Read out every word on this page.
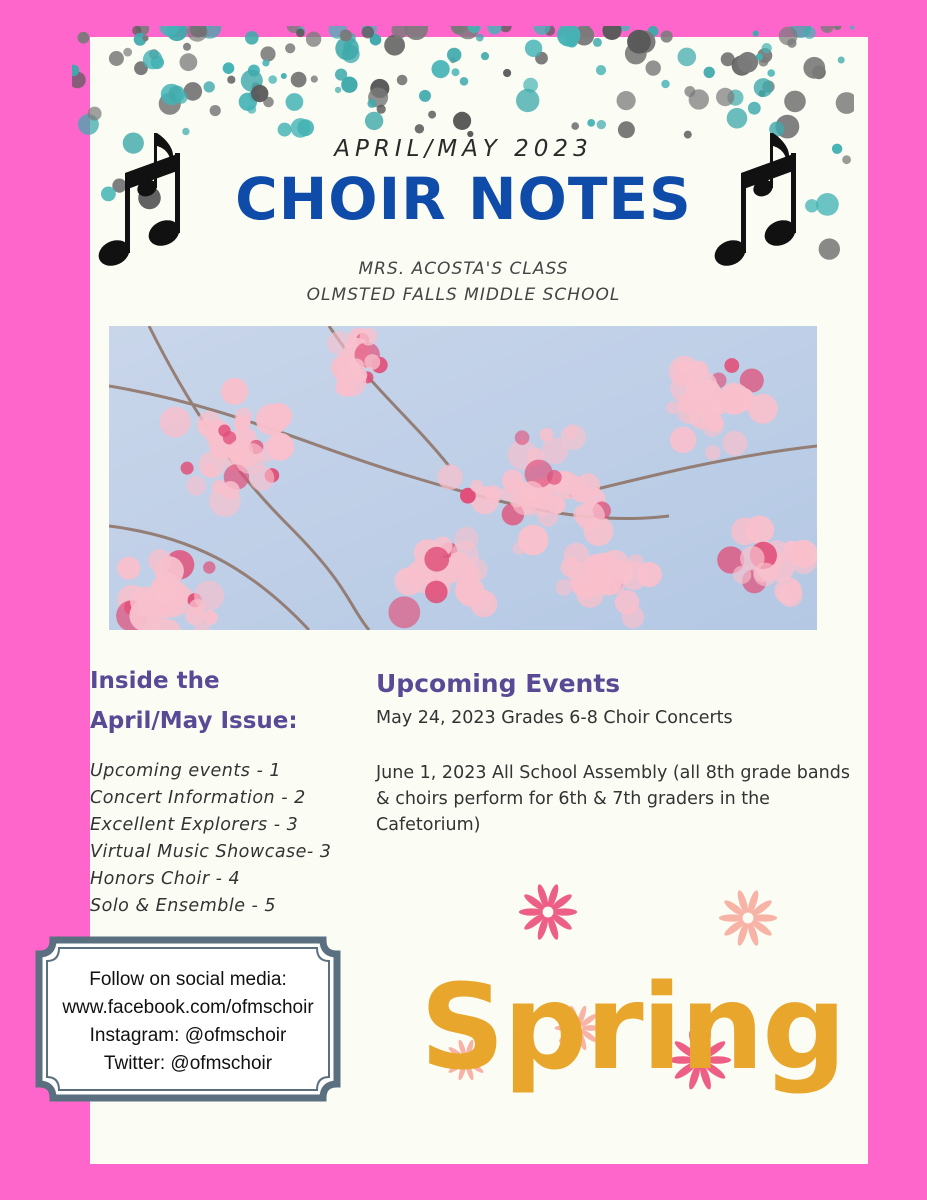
APRIL/MAY 2023
CHOIR NOTES
MRS. ACOSTA'S CLASS
OLMSTED FALLS MIDDLE SCHOOL
Inside the
April/May Issue:
Upcoming events - 1
Concert Information - 2
Excellent Explorers - 3
Virtual Music Showcase- 3
Honors Choir - 4
Solo & Ensemble - 5
Upcoming Events
May 24, 2023 Grades 6-8 Choir Concerts
June 1, 2023 All School Assembly (all 8th grade bands & choirs perform for 6th & 7th graders in the Cafetorium)
Follow on social media:
www.facebook.com/ofmschoir
Instagram: @ofmschoir
Twitter: @ofmschoir	Spring
